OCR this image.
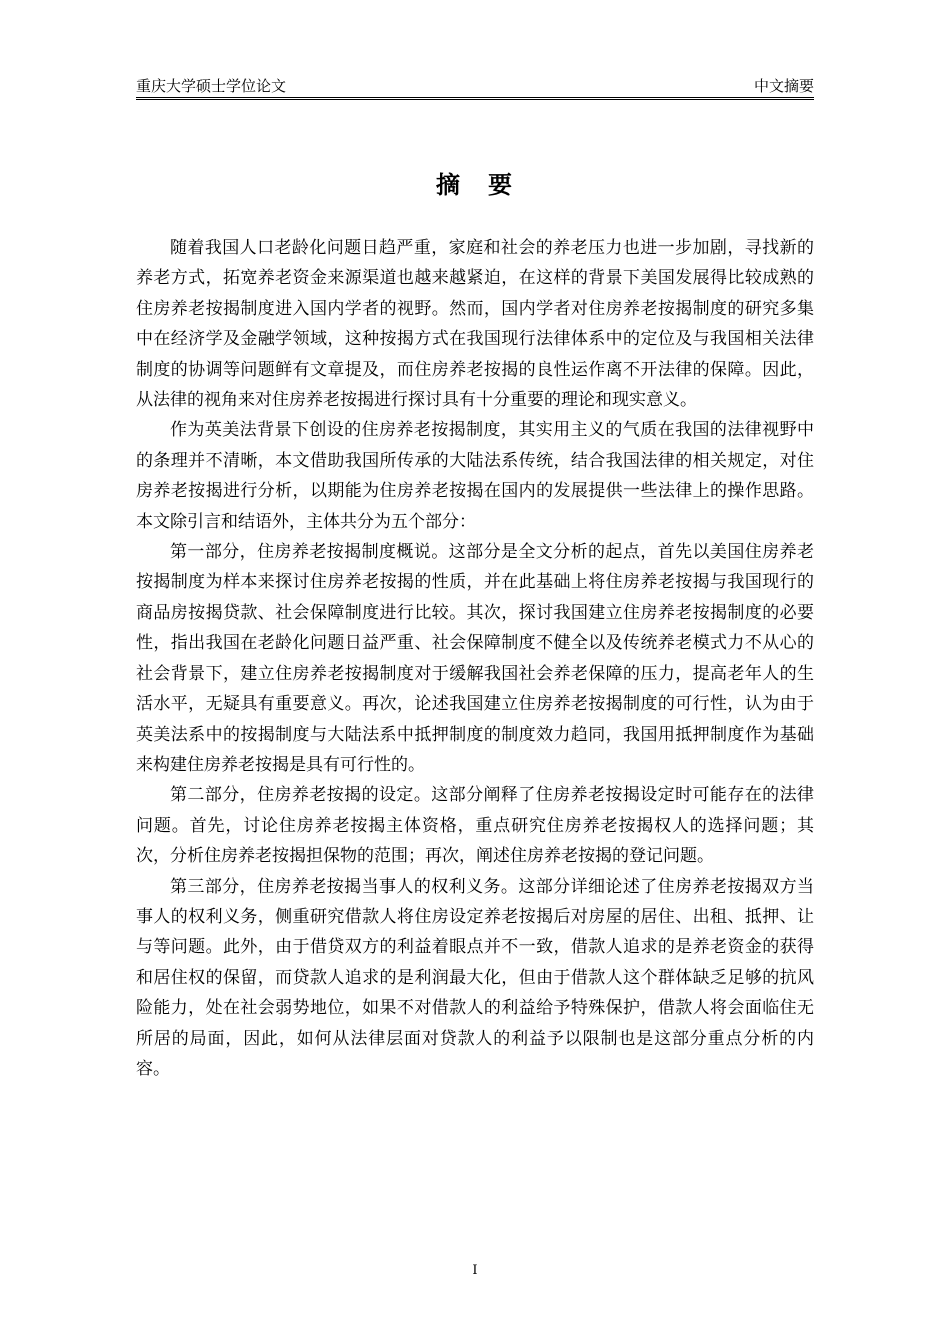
重庆大学硕士学位论文	中文摘要
摘　要

随着我国人口老龄化问题日趋严重，家庭和社会的养老压力也进一步加剧，寻找新的养老方式，拓宽养老资金来源渠道也越来越紧迫，在这样的背景下美国发展得比较成熟的住房养老按揭制度进入国内学者的视野。然而，国内学者对住房养老按揭制度的研究多集中在经济学及金融学领域，这种按揭方式在我国现行法律体系中的定位及与我国相关法律制度的协调等问题鲜有文章提及，而住房养老按揭的良性运作离不开法律的保障。因此，从法律的视角来对住房养老按揭进行探讨具有十分重要的理论和现实意义。

作为英美法背景下创设的住房养老按揭制度，其实用主义的气质在我国的法律视野中的条理并不清晰，本文借助我国所传承的大陆法系传统，结合我国法律的相关规定，对住房养老按揭进行分析，以期能为住房养老按揭在国内的发展提供一些法律上的操作思路。本文除引言和结语外，主体共分为五个部分：

第一部分，住房养老按揭制度概说。这部分是全文分析的起点，首先以美国住房养老按揭制度为样本来探讨住房养老按揭的性质，并在此基础上将住房养老按揭与我国现行的商品房按揭贷款、社会保障制度进行比较。其次，探讨我国建立住房养老按揭制度的必要性，指出我国在老龄化问题日益严重、社会保障制度不健全以及传统养老模式力不从心的社会背景下，建立住房养老按揭制度对于缓解我国社会养老保障的压力，提高老年人的生活水平，无疑具有重要意义。再次，论述我国建立住房养老按揭制度的可行性，认为由于英美法系中的按揭制度与大陆法系中抵押制度的制度效力趋同，我国用抵押制度作为基础来构建住房养老按揭是具有可行性的。

第二部分，住房养老按揭的设定。这部分阐释了住房养老按揭设定时可能存在的法律问题。首先，讨论住房养老按揭主体资格，重点研究住房养老按揭权人的选择问题；其次，分析住房养老按揭担保物的范围；再次，阐述住房养老按揭的登记问题。

第三部分，住房养老按揭当事人的权利义务。这部分详细论述了住房养老按揭双方当事人的权利义务，侧重研究借款人将住房设定养老按揭后对房屋的居住、出租、抵押、让与等问题。此外，由于借贷双方的利益着眼点并不一致，借款人追求的是养老资金的获得和居住权的保留，而贷款人追求的是利润最大化，但由于借款人这个群体缺乏足够的抗风险能力，处在社会弱势地位，如果不对借款人的利益给予特殊保护，借款人将会面临住无所居的局面，因此，如何从法律层面对贷款人的利益予以限制也是这部分重点分析的内容。

I
